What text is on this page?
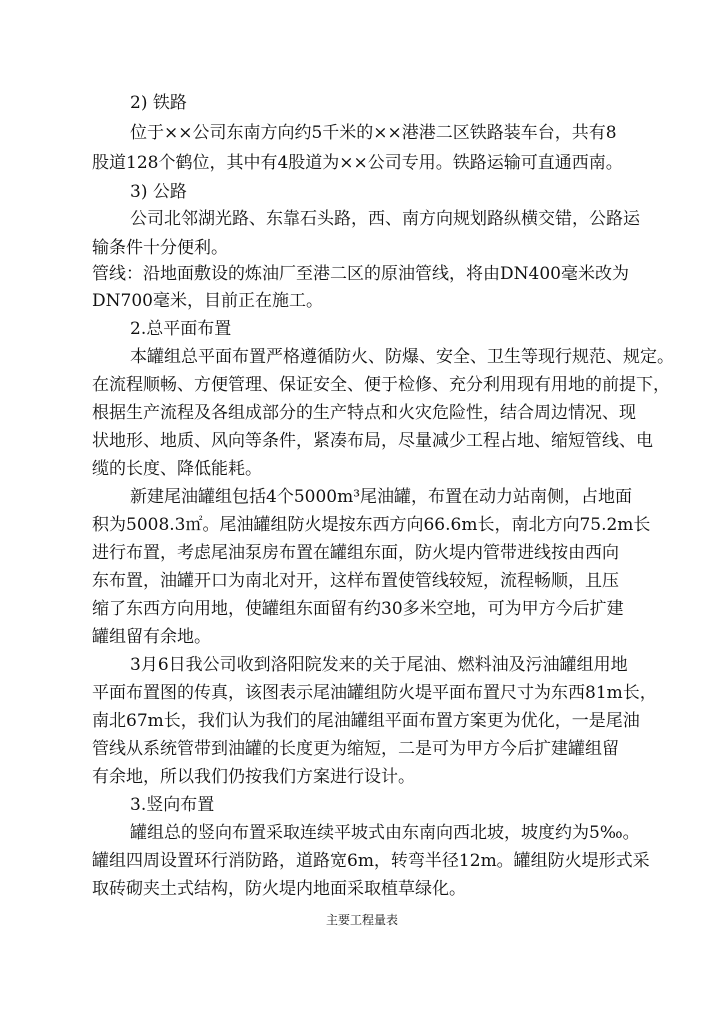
2) 铁路
位于××公司东南方向约5千米的××港港二区铁路装车台，共有8
股道128个鹤位，其中有4股道为××公司专用。铁路运输可直通西南。
3) 公路
公司北邻湖光路、东靠石头路，西、南方向规划路纵横交错，公路运
输条件十分便利。
管线：沿地面敷设的炼油厂至港二区的原油管线，将由DN400毫米改为
DN700毫米，目前正在施工。
2.总平面布置
本罐组总平面布置严格遵循防火、防爆、安全、卫生等现行规范、规定。
在流程顺畅、方便管理、保证安全、便于检修、充分利用现有用地的前提下，
根据生产流程及各组成部分的生产特点和火灾危险性，结合周边情况、现
状地形、地质、风向等条件，紧凑布局，尽量减少工程占地、缩短管线、电
缆的长度、降低能耗。
新建尾油罐组包括4个5000m³尾油罐，布置在动力站南侧，占地面
积为5008.3㎡。尾油罐组防火堤按东西方向66.6m长，南北方向75.2m长
进行布置，考虑尾油泵房布置在罐组东面，防火堤内管带进线按由西向
东布置，油罐开口为南北对开，这样布置使管线较短，流程畅顺，且压
缩了东西方向用地，使罐组东面留有约30多米空地，可为甲方今后扩建
罐组留有余地。
3月6日我公司收到洛阳院发来的关于尾油、燃料油及污油罐组用地
平面布置图的传真，该图表示尾油罐组防火堤平面布置尺寸为东西81m长，
南北67m长，我们认为我们的尾油罐组平面布置方案更为优化，一是尾油
管线从系统管带到油罐的长度更为缩短，二是可为甲方今后扩建罐组留
有余地，所以我们仍按我们方案进行设计。
3.竖向布置
罐组总的竖向布置采取连续平坡式由东南向西北坡，坡度约为5‰。
罐组四周设置环行消防路，道路宽6m，转弯半径12m。罐组防火堤形式采
取砖砌夹土式结构，防火堤内地面采取植草绿化。
主要工程量表
